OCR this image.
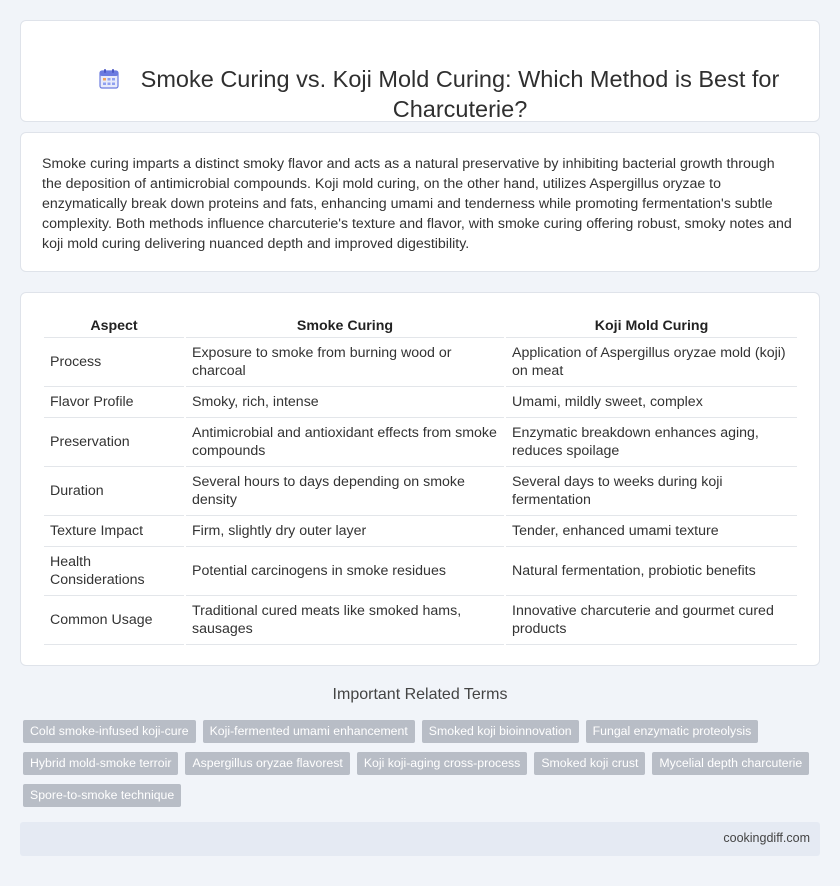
Smoke Curing vs. Koji Mold Curing: Which Method is Best for Charcuterie?

Smoke curing imparts a distinct smoky flavor and acts as a natural preservative by inhibiting bacterial growth through the deposition of antimicrobial compounds. Koji mold curing, on the other hand, utilizes Aspergillus oryzae to enzymatically break down proteins and fats, enhancing umami and tenderness while promoting fermentation's subtle complexity. Both methods influence charcuterie's texture and flavor, with smoke curing offering robust, smoky notes and koji mold curing delivering nuanced depth and improved digestibility.

Aspect	Smoke Curing	Koji Mold Curing
Process	Exposure to smoke from burning wood or charcoal	Application of Aspergillus oryzae mold (koji) on meat
Flavor Profile	Smoky, rich, intense	Umami, mildly sweet, complex
Preservation	Antimicrobial and antioxidant effects from smoke compounds	Enzymatic breakdown enhances aging, reduces spoilage
Duration	Several hours to days depending on smoke density	Several days to weeks during koji fermentation
Texture Impact	Firm, slightly dry outer layer	Tender, enhanced umami texture
Health Considerations	Potential carcinogens in smoke residues	Natural fermentation, probiotic benefits
Common Usage	Traditional cured meats like smoked hams, sausages	Innovative charcuterie and gourmet cured products
Important Related Terms
Cold smoke-infused koji-cure	Koji-fermented umami enhancement	Smoked koji bioinnovation	Fungal enzymatic proteolysis
Hybrid mold-smoke terroir	Aspergillus oryzae flavorest	Koji koji-aging cross-process	Smoked koji crust	Mycelial depth charcuterie
Spore-to-smoke technique
cookingdiff.com
